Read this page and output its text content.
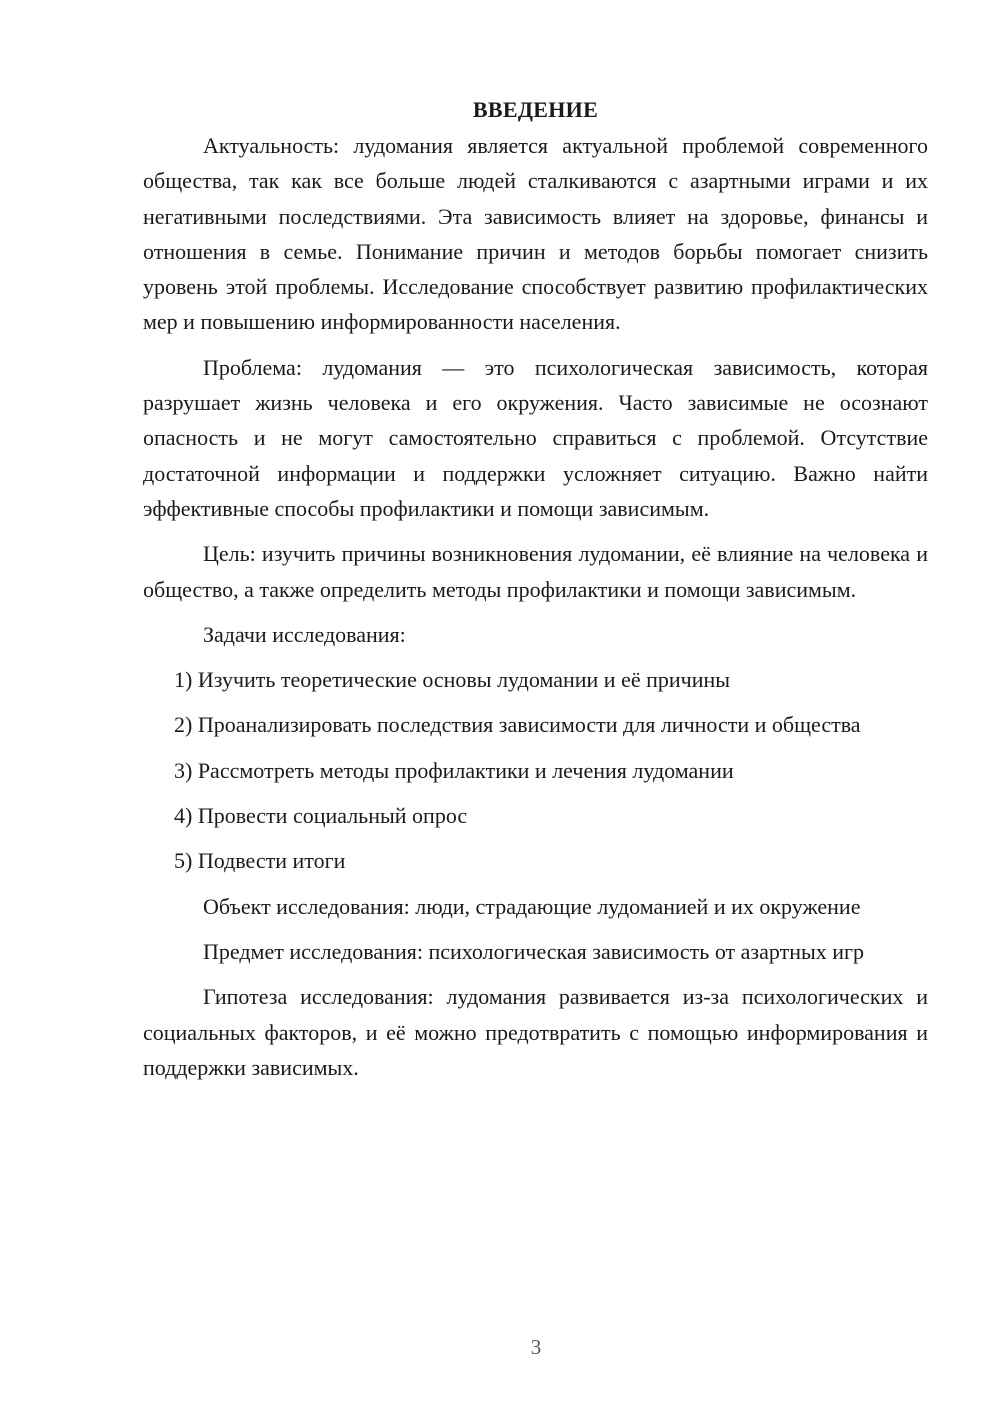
ВВЕДЕНИЕ

Актуальность: лудомания является актуальной проблемой современного общества, так как все больше людей сталкиваются с азартными играми и их негативными последствиями. Эта зависимость влияет на здоровье, финансы и отношения в семье. Понимание причин и методов борьбы помогает снизить уровень этой проблемы. Исследование способствует развитию профилактических мер и повышению информированности населения.

Проблема: лудомания — это психологическая зависимость, которая разрушает жизнь человека и его окружения. Часто зависимые не осознают опасность и не могут самостоятельно справиться с проблемой. Отсутствие достаточной информации и поддержки усложняет ситуацию. Важно найти эффективные способы профилактики и помощи зависимым.

Цель: изучить причины возникновения лудомании, её влияние на человека и общество, а также определить методы профилактики и помощи зависимым.

Задачи исследования:

1) Изучить теоретические основы лудомании и её причины

2) Проанализировать последствия зависимости для личности и общества

3) Рассмотреть методы профилактики и лечения лудомании

4) Провести социальный опрос

5) Подвести итоги

Объект исследования: люди, страдающие лудоманией и их окружение

Предмет исследования: психологическая зависимость от азартных игр

Гипотеза исследования: лудомания развивается из-за психологических и социальных факторов, и её можно предотвратить с помощью информирования и поддержки зависимых.

3
